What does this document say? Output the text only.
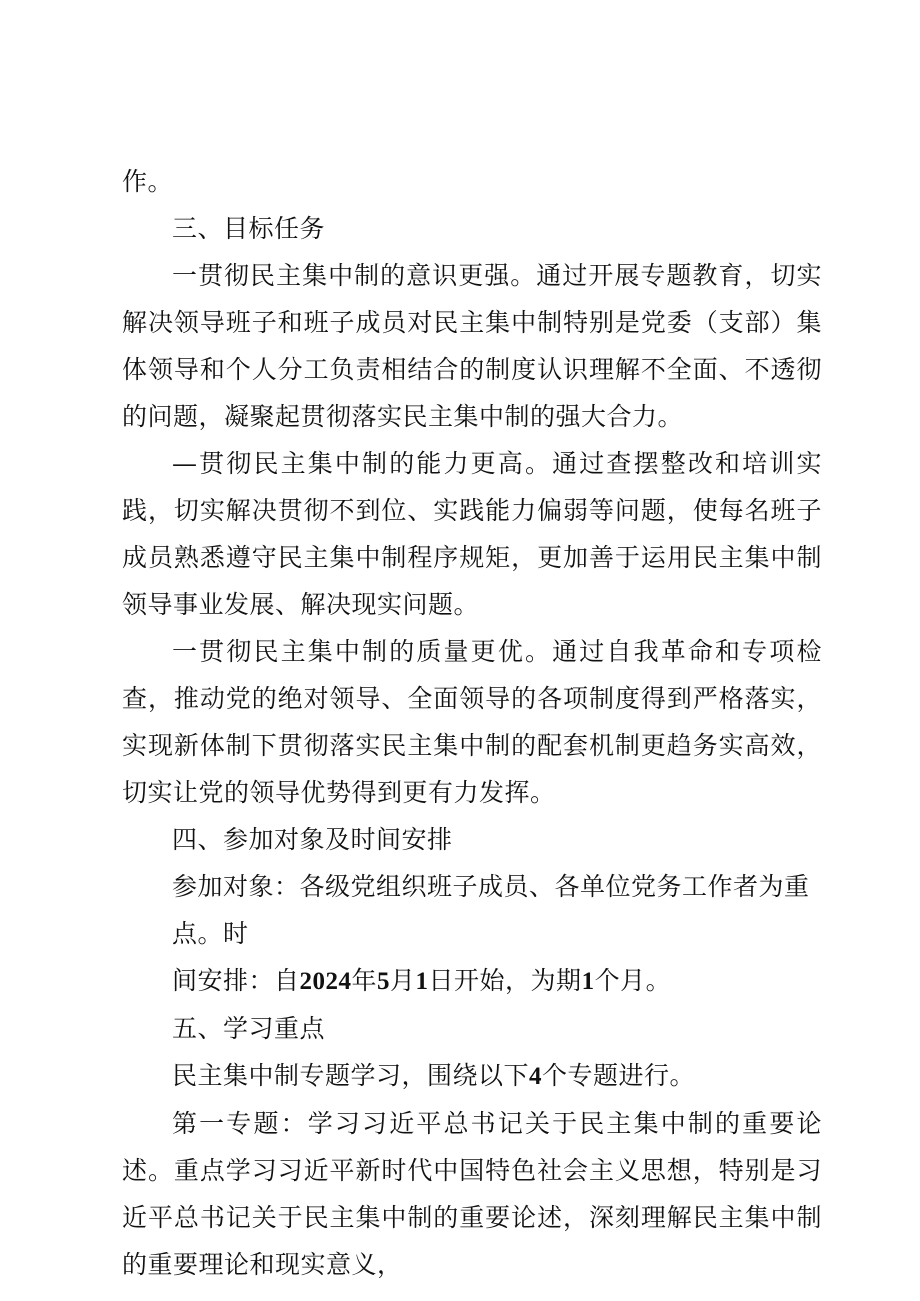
作。

三、目标任务

一贯彻民主集中制的意识更强。通过开展专题教育，切实解决领导班子和班子成员对民主集中制特别是党委（支部）集体领导和个人分工负责相结合的制度认识理解不全面、不透彻的问题，凝聚起贯彻落实民主集中制的强大合力。

—贯彻民主集中制的能力更高。通过查摆整改和培训实践，切实解决贯彻不到位、实践能力偏弱等问题，使每名班子成员熟悉遵守民主集中制程序规矩，更加善于运用民主集中制领导事业发展、解决现实问题。

一贯彻民主集中制的质量更优。通过自我革命和专项检查，推动党的绝对领导、全面领导的各项制度得到严格落实，实现新体制下贯彻落实民主集中制的配套机制更趋务实高效，切实让党的领导优势得到更有力发挥。

四、参加对象及时间安排

参加对象：各级党组织班子成员、各单位党务工作者为重点。时

间安排：自2024年5月1日开始，为期1个月。

五、学习重点

民主集中制专题学习，围绕以下4个专题进行。

第一专题：学习习近平总书记关于民主集中制的重要论述。重点学习习近平新时代中国特色社会主义思想，特别是习近平总书记关于民主集中制的重要论述，深刻理解民主集中制的重要理论和现实意义，
